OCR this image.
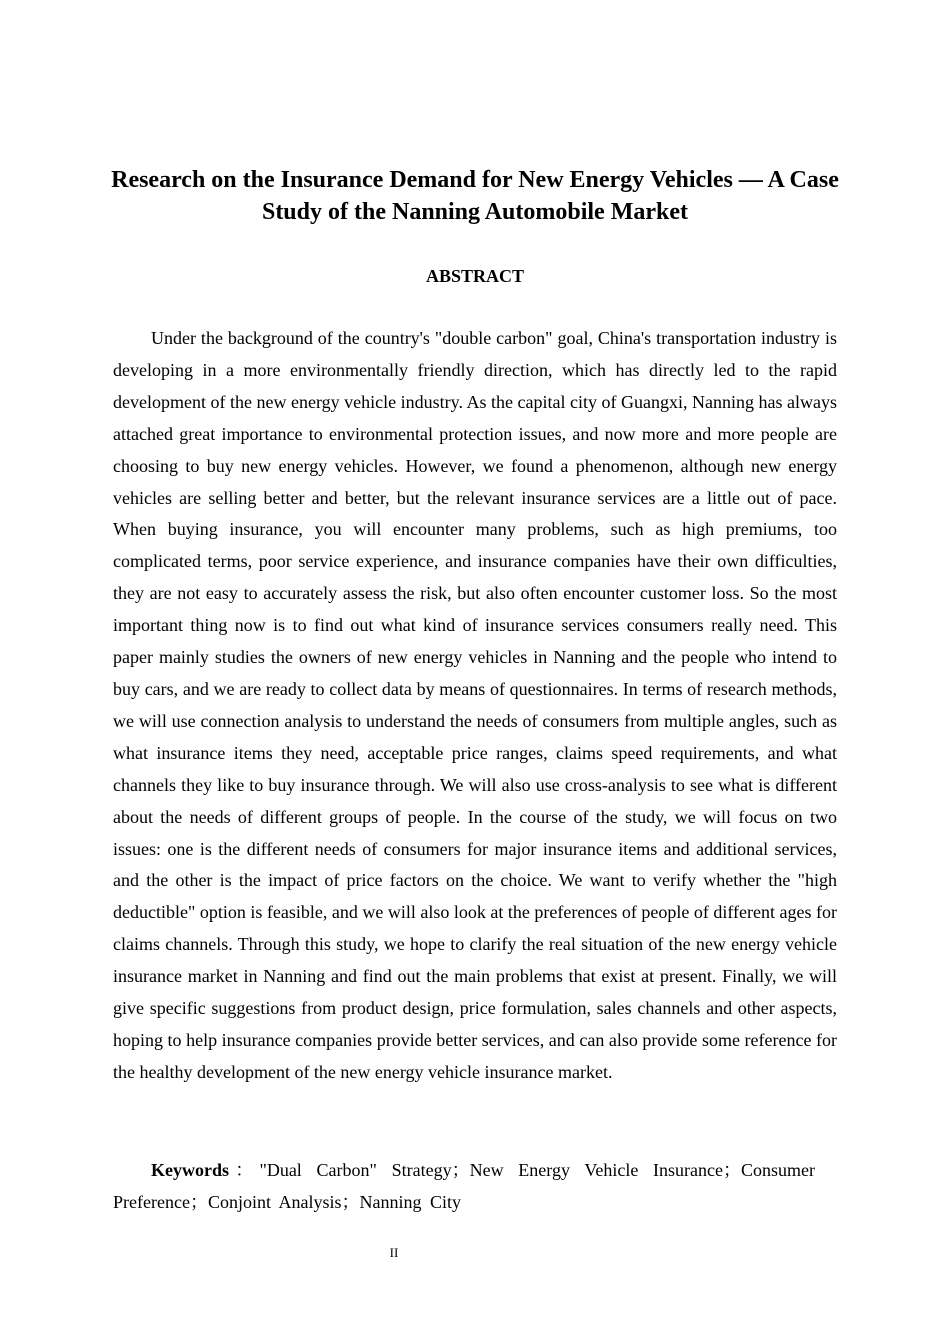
Research on the Insurance Demand for New Energy Vehicles — A Case Study of the Nanning Automobile Market
ABSTRACT

Under the background of the country's "double carbon" goal, China's transportation industry is developing in a more environmentally friendly direction, which has directly led to the rapid development of the new energy vehicle industry. As the capital city of Guangxi, Nanning has always attached great importance to environmental protection issues, and now more and more people are choosing to buy new energy vehicles. However, we found a phenomenon, although new energy vehicles are selling better and better, but the relevant insurance services are a little out of pace. When buying insurance, you will encounter many problems, such as high premiums, too complicated terms, poor service experience, and insurance companies have their own difficulties, they are not easy to accurately assess the risk, but also often encounter customer loss. So the most important thing now is to find out what kind of insurance services consumers really need. This paper mainly studies the owners of new energy vehicles in Nanning and the people who intend to buy cars, and we are ready to collect data by means of questionnaires. In terms of research methods, we will use connection analysis to understand the needs of consumers from multiple angles, such as what insurance items they need, acceptable price ranges, claims speed requirements, and what channels they like to buy insurance through. We will also use cross-analysis to see what is different about the needs of different groups of people. In the course of the study, we will focus on two issues: one is the different needs of consumers for major insurance items and additional services, and the other is the impact of price factors on the choice. We want to verify whether the "high deductible" option is feasible, and we will also look at the preferences of people of different ages for claims channels. Through this study, we hope to clarify the real situation of the new energy vehicle insurance market in Nanning and find out the main problems that exist at present. Finally, we will give specific suggestions from product design, price formulation, sales channels and other aspects, hoping to help insurance companies provide better services, and can also provide some reference for the healthy development of the new energy vehicle insurance market.

Keywords："Dual Carbon" Strategy；New Energy Vehicle Insurance；Consumer Preference；Conjoint Analysis；Nanning City

II
